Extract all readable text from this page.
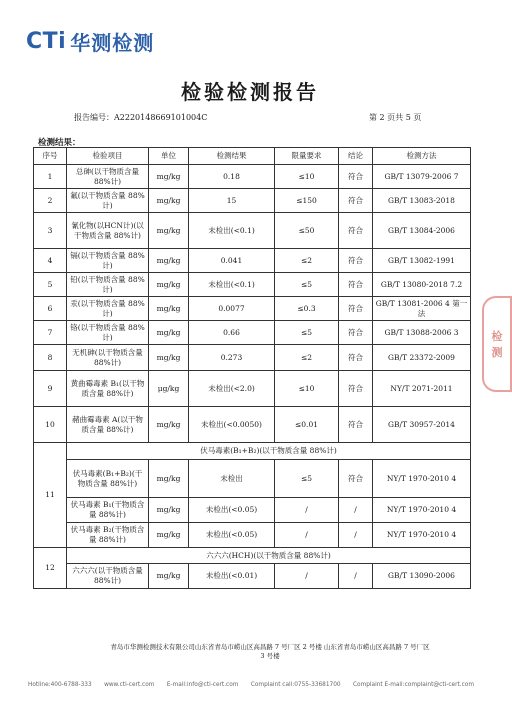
CTi 华测检测
检验检测报告
报告编号：A2220148669101004C	第 2 页共 5 页
检测结果：
序号	检验项目	单位	检测结果	限量要求	结论	检测方法
1	总砷(以干物质含量 88%计)	mg/kg	0.18	≤10	符合	GB/T 13079-2006 7
2	氟(以干物质含量 88%计)	mg/kg	15	≤150	符合	GB/T 13083-2018
3	氰化物(以HCN计)(以干物质含量 88%计)	mg/kg	未检出(<0.1)	≤50	符合	GB/T 13084-2006
4	镉(以干物质含量 88%计)	mg/kg	0.041	≤2	符合	GB/T 13082-1991
5	铅(以干物质含量 88%计)	mg/kg	未检出(<0.1)	≤5	符合	GB/T 13080-2018 7.2
6	汞(以干物质含量 88%计)	mg/kg	0.0077	≤0.3	符合	GB/T 13081-2006 4 第一法
7	铬(以干物质含量 88%计)	mg/kg	0.66	≤5	符合	GB/T 13088-2006 3
8	无机砷(以干物质含量 88%计)	mg/kg	0.273	≤2	符合	GB/T 23372-2009
9	黄曲霉毒素 B₁(以干物质含量 88%计)	μg/kg	未检出(<2.0)	≤10	符合	NY/T 2071-2011
10	赭曲霉毒素 A(以干物质含量 88%计)	mg/kg	未检出(<0.0050)	≤0.01	符合	GB/T 30957-2014
11	伏马毒素(B₁+B₂)(以干物质含量 88%计)					
	伏马毒素(B₁+B₂)(干物质含量 88%计)	mg/kg	未检出	≤5	符合	NY/T 1970-2010 4
	伏马毒素 B₁(干物质含量 88%计)	mg/kg	未检出(<0.05)	/	/	NY/T 1970-2010 4
	伏马毒素 B₂(干物质含量 88%计)	mg/kg	未检出(<0.05)	/	/	NY/T 1970-2010 4
12	六六六(HCH)(以干物质含量 88%计)					
	六六六(以干物质含量 88%计)	mg/kg	未检出(<0.01)	/	/	GB/T 13090-2006
检
测
青岛市华测检测技术有限公司山东省青岛市崂山区高昌路 7 号厂区 2 号楼 山东省青岛市崂山区高昌路 7 号厂区 3 号楼
Hotline:400-6788-333 www.cti-cert.com E-mail:info@cti-cert.com Complaint call:0755-33681700 Complaint E-mail:complaint@cti-cert.com
